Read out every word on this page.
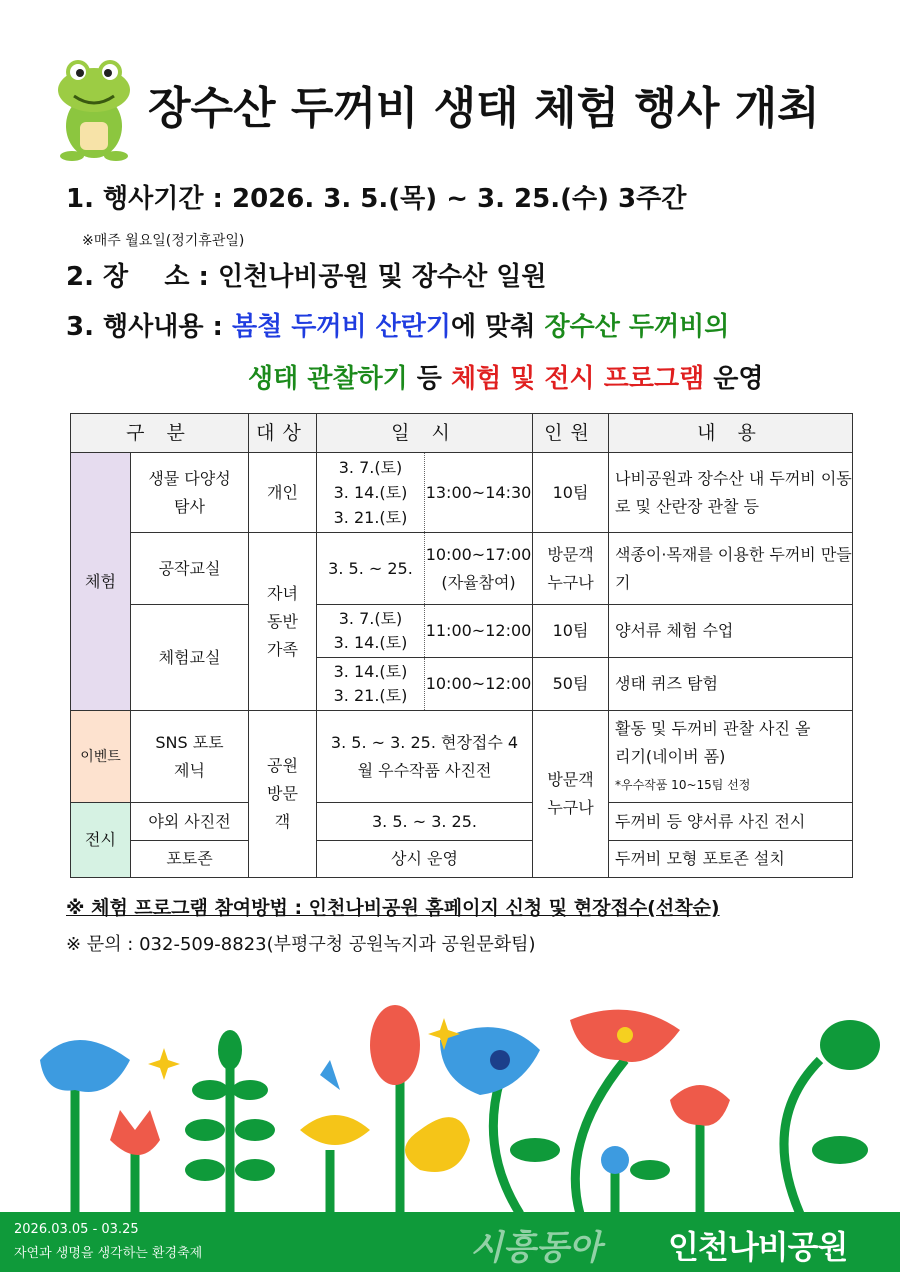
장수산 두꺼비 생태 체험 행사 개최
1. 행사기간 : 2026. 3. 5.(목) ~ 3. 25.(수) 3주간
※매주 월요일(정기휴관일)
2. 장    소 : 인천나비공원 및 장수산 일원
3. 행사내용 : 봄철 두꺼비 산란기에 맞춰 장수산 두꺼비의
생태 관찰하기 등 체험 및 전시 프로그램 운영
구 분		대상	일 시		인원	내 용
체험	생물 다양성 탐사	개인	3. 7.(토) 3. 14.(토) 3. 21.(토)	13:00~14:30	10팀	나비공원과 장수산 내 두꺼비 이동로 및 산란장 관찰 등
	공작교실	자녀 동반 가족	3. 5. ~ 25.	10:00~17:00 (자율참여)	방문객 누구나	색종이·목재를 이용한 두꺼비 만들기
	체험교실		3. 7.(토) 3. 14.(토)	11:00~12:00	10팀	양서류 체험 수업
			3. 14.(토) 3. 21.(토)	10:00~12:00	50팀	생태 퀴즈 탐험
이벤트	SNS 포토제닉	공원 방문객	3. 5. ~ 3. 25. 현장접수 4월 우수작품 사진전		방문객 누구나	활동 및 두꺼비 관찰 사진 올리기(네이버 폼)
*우수작품 10~15팀 선정

전시	야외 사진전		3. 5. ~ 3. 25.			두꺼비 등 양서류 사진 전시
	포토존		상시 운영			두꺼비 모형 포토존 설치
※ 체험 프로그램 참여방법 : 인천나비공원 홈페이지 신청 및 현장접수(선착순)
※ 문의 : 032-509-8823(부평구청 공원녹지과 공원문화팀)
2026.03.05 - 03.25
자연과 생명을 생각하는 환경축제	시흥동아 인천나비공원
